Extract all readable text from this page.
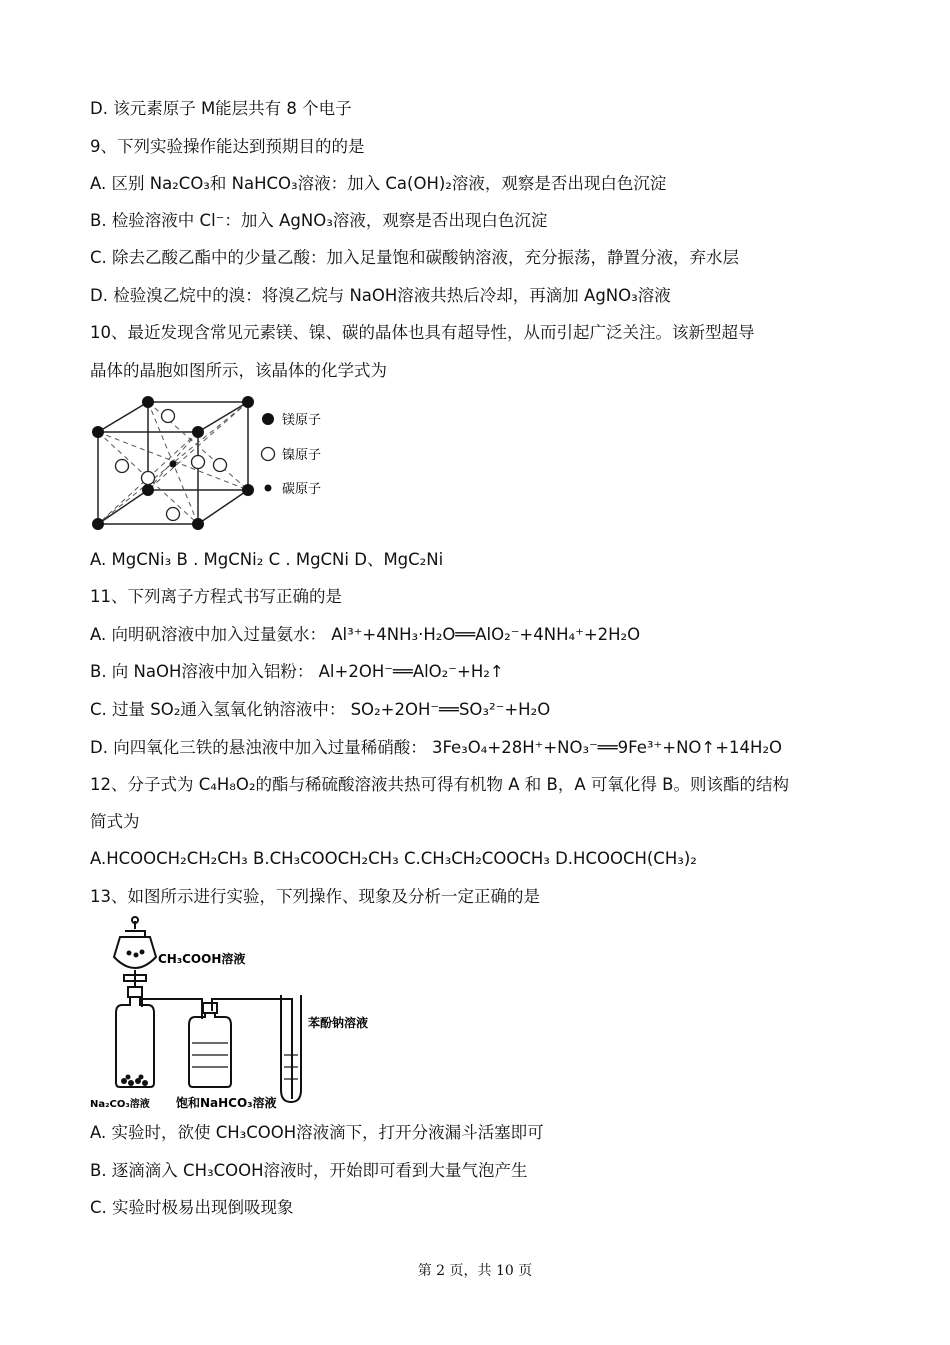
D. 该元素原子 M能层共有 8 个电子
9、下列实验操作能达到预期目的的是
A. 区别 Na₂CO₃和 NaHCO₃溶液：加入 Ca(OH)₂溶液，观察是否出现白色沉淀
B. 检验溶液中 Cl⁻：加入 AgNO₃溶液，观察是否出现白色沉淀
C. 除去乙酸乙酯中的少量乙酸：加入足量饱和碳酸钠溶液，充分振荡，静置分液，弃水层
D. 检验溴乙烷中的溴：将溴乙烷与 NaOH溶液共热后冷却，再滴加 AgNO₃溶液
10、最近发现含常见元素镁、镍、碳的晶体也具有超导性，从而引起广泛关注。该新型超导
晶体的晶胞如图所示，该晶体的化学式为
镁原子
镍原子
碳原子
A. MgCNi₃ B . MgCNi₂ C . MgCNi D、MgC₂Ni
11、下列离子方程式书写正确的是
A. 向明矾溶液中加入过量氨水： Al³⁺+4NH₃·H₂O══AlO₂⁻+4NH₄⁺+2H₂O
B. 向 NaOH溶液中加入铝粉： Al+2OH⁻══AlO₂⁻+H₂↑
C. 过量 SO₂通入氢氧化钠溶液中： SO₂+2OH⁻══SO₃²⁻+H₂O
D. 向四氧化三铁的悬浊液中加入过量稀硝酸： 3Fe₃O₄+28H⁺+NO₃⁻══9Fe³⁺+NO↑+14H₂O
12、分子式为 C₄H₈O₂的酯与稀硫酸溶液共热可得有机物 A 和 B，A 可氧化得 B。则该酯的结构
简式为
A.HCOOCH₂CH₂CH₃ B.CH₃COOCH₂CH₃ C.CH₃CH₂COOCH₃ D.HCOOCH(CH₃)₂
13、如图所示进行实验，下列操作、现象及分析一定正确的是
CH₃COOH溶液
苯酚钠溶液
Na₂CO₃溶液 饱和NaHCO₃溶液
A. 实验时，欲使 CH₃COOH溶液滴下，打开分液漏斗活塞即可
B. 逐滴滴入 CH₃COOH溶液时，开始即可看到大量气泡产生
C. 实验时极易出现倒吸现象
第 2 页，共 10 页
